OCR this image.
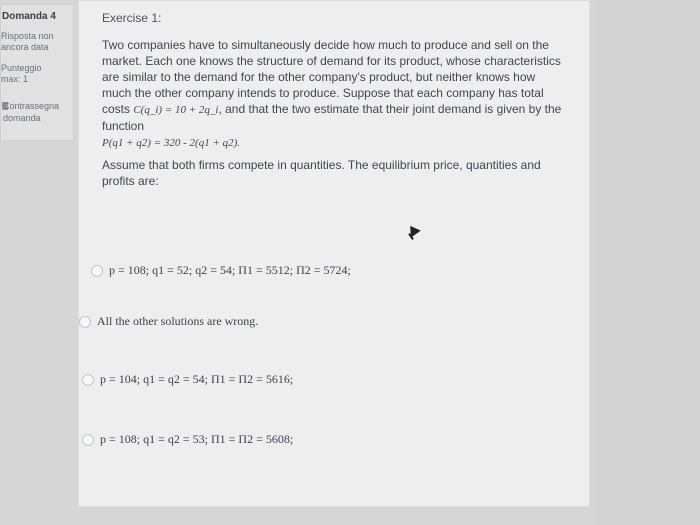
Domanda 4
Risposta non
ancora data
Punteggio
max: 1
Contrassegna
domanda
Exercise 1:
Two companies have to simultaneously decide how much to produce and sell on the market. Each one knows the structure of demand for its product, whose characteristics are similar to the demand for the other company's product, but neither knows how much the other company intends to produce. Suppose that each company has total costs C(q_i) = 10 + 2q_i, and that the two estimate that their joint demand is given by the function
P(q1 + q2) = 320 - 2(q1 + q2).
Assume that both firms compete in quantities. The equilibrium price, quantities and profits are:
p = 108; q1 = 52; q2 = 54; Π1 = 5512; Π2 = 5724;
All the other solutions are wrong.
p = 104; q1 = q2 = 54; Π1 = Π2 = 5616;
p = 108; q1 = q2 = 53; Π1 = Π2 = 5608;
